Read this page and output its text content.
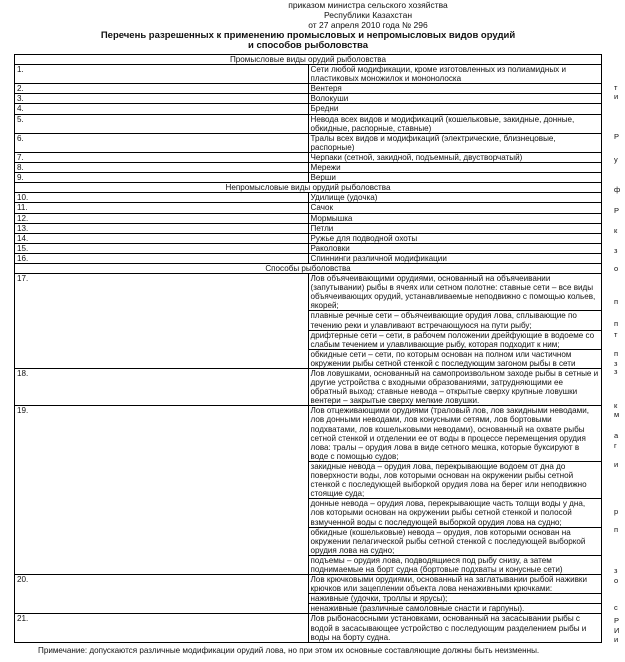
приказом министра сельского хозяйства
Республики Казахстан
от 27 апреля 2010 года № 296
Перечень разрешенных к применению промысловых и непромысловых видов орудий
и способов рыболовства
Промысловые виды орудий рыболовства	
1.	Сети любой модификации, кроме изготовленных из полиамидных и пластиковых моножилок и мононолоска

2.	Вентеря

3.	Волокуши

4.	Бредни

5.	Невода всех видов и модификаций (кошельковые, закидные, донные, обкидные, распорные, ставные)

6.	Тралы всех видов и модификаций (электрические, близнецовые, распорные)

7.	Черпаки (сетной, закидной, подъемный, двустворчатый)

8.	Мережи

9.	Верши

Непромысловые виды орудий рыболовства	
10.	Удилище (удочка)

11.	Сачок

12.	Мормышка

13.	Петли

14.	Ружье для подводной охоты

15.	Раколовки

16.	Спиннинги различной модификации

Способы рыболовства	
17.	Лов объячеивающими орудиями, основанный на объячеивании (запутывании) рыбы в ячеях или сетном полотне: ставные сети – все виды объячеивающих орудий, устанавливаемые неподвижно с помощью кольев, якорей;
плавные речные сети – объячеивающие орудия лова, сплывающие по течению реки и улавливают встречающуюся на пути рыбу;
дрифтерные сети – сети, в рабочем положении дрейфующие в водоеме со слабым течением и улавливающие рыбу, которая подходит к ним;
обкидные сети – сети, по которым основан на полном или частичном окружении рыбы сетной стенкой с последующим загоном рыбы в сети

18.	Лов ловушками, основанный на самопроизвольном заходе рыбы в сетные и другие устройства с входными образованиями, затрудняющими ее обратный выход: ставные невода – открытые сверху крупные ловушки вентери – закрытые сверху мелкие ловушки.

19.	Лов отцеживающими орудиями (траловый лов, лов закидными неводами, лов донными неводами, лов конусными сетями, лов бортовыми подхватами, лов кошельковыми неводами), основанный на охвате рыбы сетной стенкой и отделении ее от воды в процессе перемещения орудия лова: тралы – орудия лова в виде сетного мешка, которые буксируют в воде с помощью судов;
закидные невода – орудия лова, перекрывающие водоем от дна до поверхности воды, лов которыми основан на окружении рыбы сетной стенкой с последующей выборкой орудия лова на берег или неподвижно стоящие суда;
донные невода – орудия лова, перекрывающие часть толщи воды у дна, лов которыми основан на окружении рыбы сетной стенкой и полосой взмученной воды с последующей выборкой орудия лова на судно;
обкидные (кошельковые) невода – орудия, лов которыми основан на окружении пелагической рыбы сетной стенкой с последующей выборкой орудия лова на судно;
подъемы – орудия лова, подводящиеся под рыбу снизу, а затем поднимаемые на борт судна (бортовые подхваты и конусные сети)

20.	Лов крючковыми орудиями, основанный на заглатывании рыбой наживки крючков или зацеплении объекта лова ненаживными крючками:
наживные (удочки, троллы и ярусы);
ненаживные (различные самоловные снасти и гарпуны).

21.	Лов рыбонасосными установками, основанный на засасывании рыбы с водой в засасывающее устройство с последующим разделением рыбы и воды на борту судна.
Примечание: допускаются различные модификации орудий лова, но при этом их основные составляющие должны быть неизменны.
т
и
Р
у
ф
Р
к
з
о
п
п
т
п
з
з
к
м
а
г
и
р
п
з
о
с
Р
И
и
